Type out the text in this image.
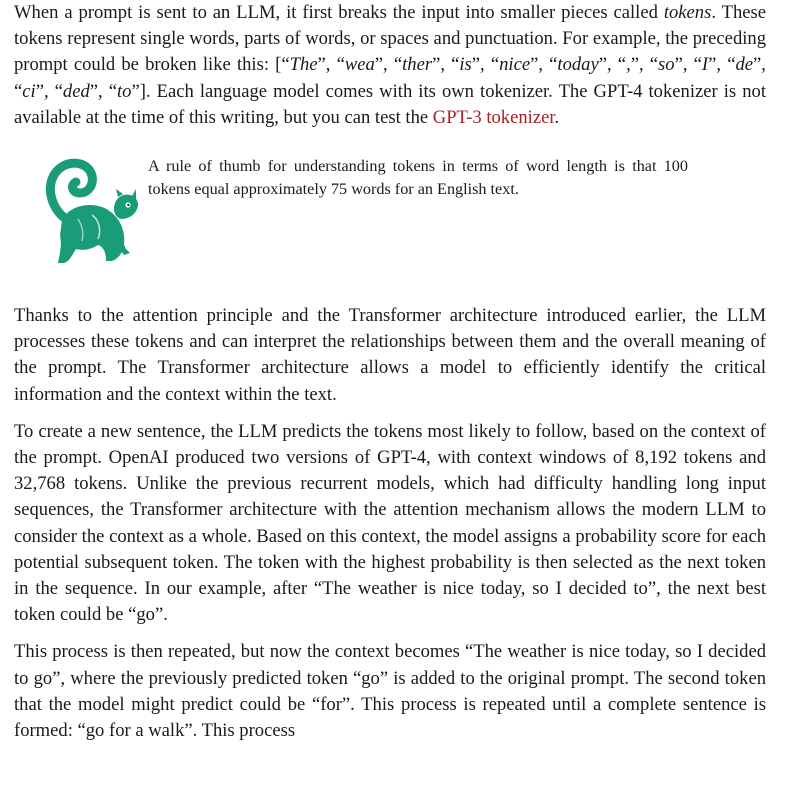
When a prompt is sent to an LLM, it first breaks the input into smaller pieces called tokens. These tokens represent single words, parts of words, or spaces and punctuation. For example, the preceding prompt could be broken like this: [“The”, “wea”, “ther”, “is”, “nice”, “today”, “,”, “so”, “I”, “de”, “ci”, “ded”, “to”]. Each language model comes with its own tokenizer. The GPT-4 tokenizer is not available at the time of this writing, but you can test the GPT-3 tokenizer.

A rule of thumb for understanding tokens in terms of word length is that 100 tokens equal approximately 75 words for an English text.

Thanks to the attention principle and the Transformer architecture introduced earlier, the LLM processes these tokens and can interpret the relationships between them and the overall meaning of the prompt. The Transformer architecture allows a model to efficiently identify the critical information and the context within the text.

To create a new sentence, the LLM predicts the tokens most likely to follow, based on the context of the prompt. OpenAI produced two versions of GPT-4, with context windows of 8,192 tokens and 32,768 tokens. Unlike the previous recurrent models, which had difficulty handling long input sequences, the Transformer architecture with the attention mechanism allows the modern LLM to consider the context as a whole. Based on this context, the model assigns a probability score for each potential subsequent token. The token with the highest probability is then selected as the next token in the sequence. In our example, after “The weather is nice today, so I decided to”, the next best token could be “go”.

This process is then repeated, but now the context becomes “The weather is nice today, so I decided to go”, where the previously predicted token “go” is added to the original prompt. The second token that the model might predict could be “for”. This process is repeated until a complete sentence is formed: “go for a walk”. This process
